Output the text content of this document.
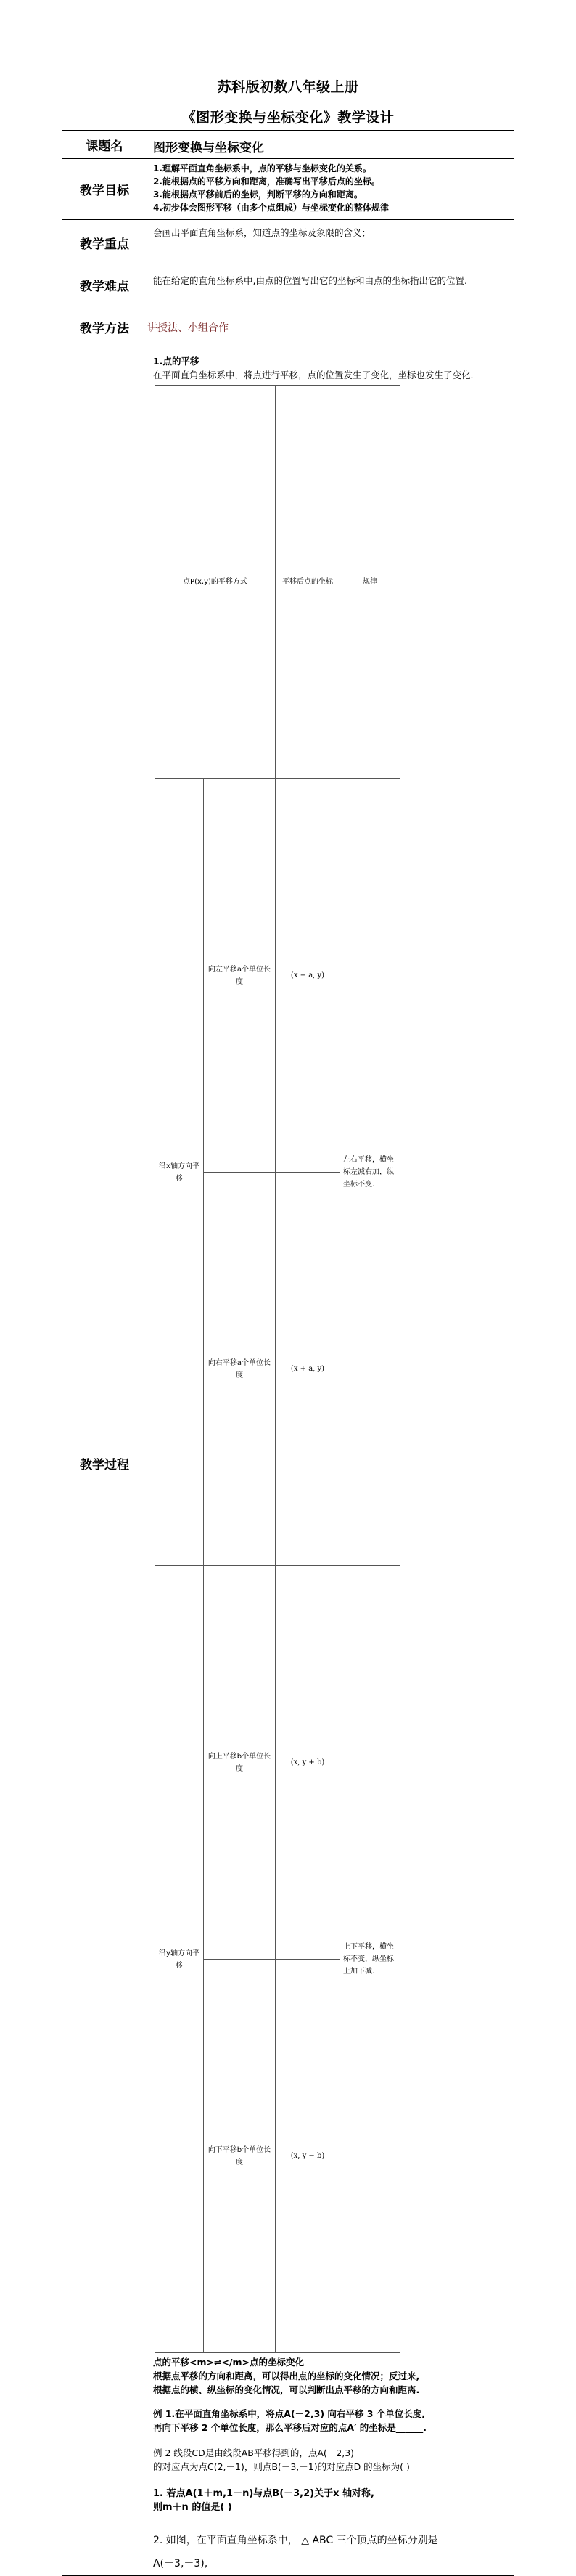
苏科版初数八年级上册
《图形变换与坐标变化》教学设计
课题名	图形变换与坐标变化

教学目标	
1.理解平面直角坐标系中，点的平移与坐标变化的关系。
2.能根据点的平移方向和距离，准确写出平移后点的坐标。
3.能根据点平移前后的坐标，判断平移的方向和距离。
4.初步体会图形平移（由多个点组成）与坐标变化的整体规律

教学重点	
会画出平面直角坐标系，知道点的坐标及象限的含义；

教学难点	能在给定的直角坐标系中,由点的位置写出它的坐标和由点的坐标指出它的位置.

教学方法	讲授法、小组合作
教学过程	
1.点的平移
在平面直角坐标系中，将点进行平移，点的位置发生了变化，坐标也发生了变化.
点P(x,y)的平移方式	平移后点的坐标	规律
沿x轴方向平移	向左平移a个单位长度	(x − a, y)	左右平移，横坐标左减右加，纵坐标不变.
向右平移a个单位长度	(x + a, y)
沿y轴方向平移	向上平移b个单位长度	(x, y + b)	上下平移，横坐标不变，纵坐标上加下减.
向下平移b个单位长度	(x, y − b)
点的平移<m>⇌</m>点的坐标变化
根据点平移的方向和距离，可以得出点的坐标的变化情况；反过来,
根据点的横、纵坐标的变化情况，可以判断出点平移的方向和距离.
例 1.在平面直角坐标系中，将点A(－2,3) 向右平移 3 个单位长度,
再向下平移 2 个单位长度，那么平移后对应的点A′ 的坐标是______.
例 2 线段CD是由线段AB平移得到的，点A(－2,3)
的对应点为点C(2,－1)，则点B(－3,－1)的对应点D 的坐标为( )
1. 若点A(1＋m,1－n)与点B(－3,2)关于x 轴对称,
则m＋n 的值是( )
2. 如图，在平面直角坐标系中， △ ABC 三个顶点的坐标分别是
A(－3,－3),
